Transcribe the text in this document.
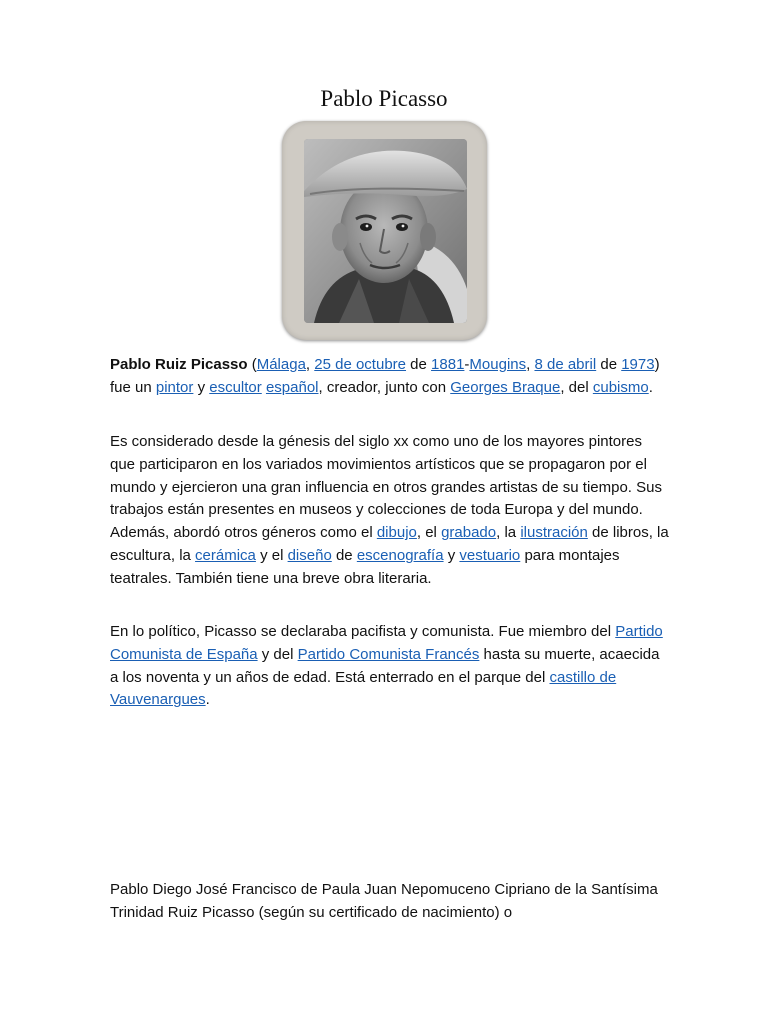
Pablo Picasso

Pablo Ruiz Picasso (Málaga, 25 de octubre de 1881-Mougins, 8 de abril de 1973) fue un pintor y escultor español, creador, junto con Georges Braque, del cubismo.

Es considerado desde la génesis del siglo xx como uno de los mayores pintores que participaron en los variados movimientos artísticos que se propagaron por el mundo y ejercieron una gran influencia en otros grandes artistas de su tiempo. Sus trabajos están presentes en museos y colecciones de toda Europa y del mundo. Además, abordó otros géneros como el dibujo, el grabado, la ilustración de libros, la escultura, la cerámica y el diseño de escenografía y vestuario para montajes teatrales. También tiene una breve obra literaria.

En lo político, Picasso se declaraba pacifista y comunista. Fue miembro del Partido Comunista de España y del Partido Comunista Francés hasta su muerte, acaecida a los noventa y un años de edad. Está enterrado en el parque del castillo de Vauvenargues.

Pablo Diego José Francisco de Paula Juan Nepomuceno Cipriano de la Santísima Trinidad Ruiz Picasso (según su certificado de nacimiento) o
